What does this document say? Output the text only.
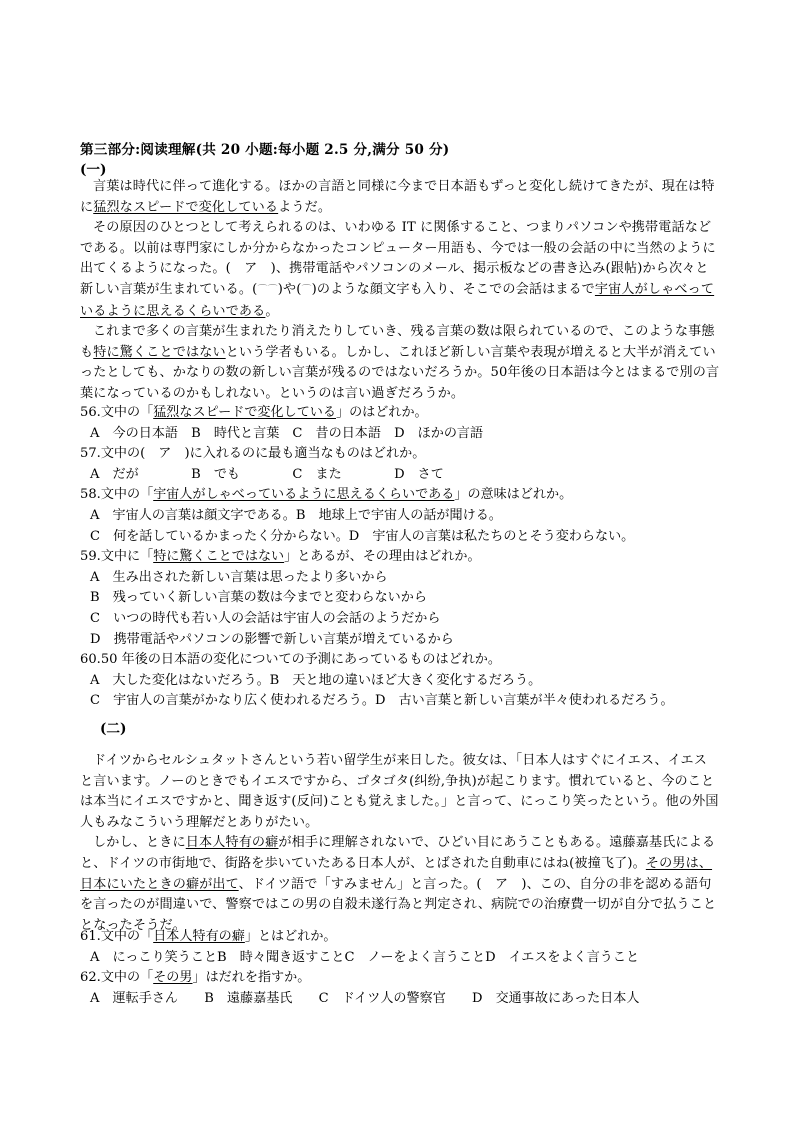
第三部分:阅读理解(共 20 小题:每小题 2.5 分,满分 50 分)
(一)

言葉は時代に伴って進化する。ほかの言語と同様に今まで日本語もずっと変化し続けてきたが、現在は特に猛烈なスピードで変化しているようだ。

その原因のひとつとして考えられるのは、いわゆる IT に関係すること、つまりパソコンや携帯電話などである。以前は専門家にしか分からなかったコンピューター用語も、今では一般の会話の中に当然のように出てくるようになった。(　ア　)、携帯電話やパソコンのメール、掲示板などの書き込み(跟帖)から次々と新しい言葉が生まれている。(⌒⌒)や(⌒)のような顔文字も入り、そこでの会話はまるで宇宙人がしゃべっているように思えるくらいである。

これまで多くの言葉が生まれたり消えたりしていき、残る言葉の数は限られているので、このような事態も特に驚くことではないという学者もいる。しかし、これほど新しい言葉や表現が増えると大半が消えていったとしても、かなりの数の新しい言葉が残るのではないだろうか。50年後の日本語は今とはまるで別の言葉になっているのかもしれない。というのは言い過ぎだろうか。

56.文中の「猛烈なスピードで変化している」のはどれか。

A　今の日本語　B　時代と言葉　C　昔の日本語　D　ほかの言語

57.文中の(　ア　)に入れるのに最も適当なものはどれか。

A　だが　　　　B　でも　　　　C　また　　　　D　さて

58.文中の「宇宙人がしゃべっているように思えるくらいである」の意味はどれか。

A　宇宙人の言葉は顔文字である。B　地球上で宇宙人の話が聞ける。

C　何を話しているかまったく分からない。D　宇宙人の言葉は私たちのとそう変わらない。

59.文中に「特に驚くことではない」とあるが、その理由はどれか。

A　生み出された新しい言葉は思ったより多いから

B　残っていく新しい言葉の数は今までと変わらないから

C　いつの時代も若い人の会話は宇宙人の会話のようだから

D　携帯電話やパソコンの影響で新しい言葉が増えているから

60.50 年後の日本語の変化についての予測にあっているものはどれか。

A　大した変化はないだろう。B　天と地の違いほど大きく変化するだろう。

C　宇宙人の言葉がかなり広く使われるだろう。D　古い言葉と新しい言葉が半々使われるだろう。

(二)

ドイツからセルシュタットさんという若い留学生が来日した。彼女は、「日本人はすぐにイエス、イエスと言います。ノーのときでもイエスですから、ゴタゴタ(纠纷,争执)が起こります。慣れていると、今のことは本当にイエスですかと、聞き返す(反问)ことも覚えました。」と言って、にっこり笑ったという。他の外国人もみなこういう理解だとありがたい。

しかし、ときに日本人特有の癖が相手に理解されないで、ひどい目にあうこともある。遠藤嘉基氏によると、ドイツの市街地で、街路を歩いていたある日本人が、とばされた自動車にはね(被撞飞了)。その男は、日本にいたときの癖が出て、ドイツ語で「すみません」と言った。(　ア　)、この、自分の非を認める語句を言ったのが間違いで、警察ではこの男の自殺未遂行為と判定され、病院での治療費一切が自分で払うこととなったそうだ。

61.文中の「日本人特有の癖」とはどれか。

A　にっこり笑うことB　時々聞き返すことC　ノーをよく言うことD　イエスをよく言うこと

62.文中の「その男」はだれを指すか。

A　運転手さん　　B　遠藤嘉基氏　　C　ドイツ人の警察官　　D　交通事故にあった日本人
